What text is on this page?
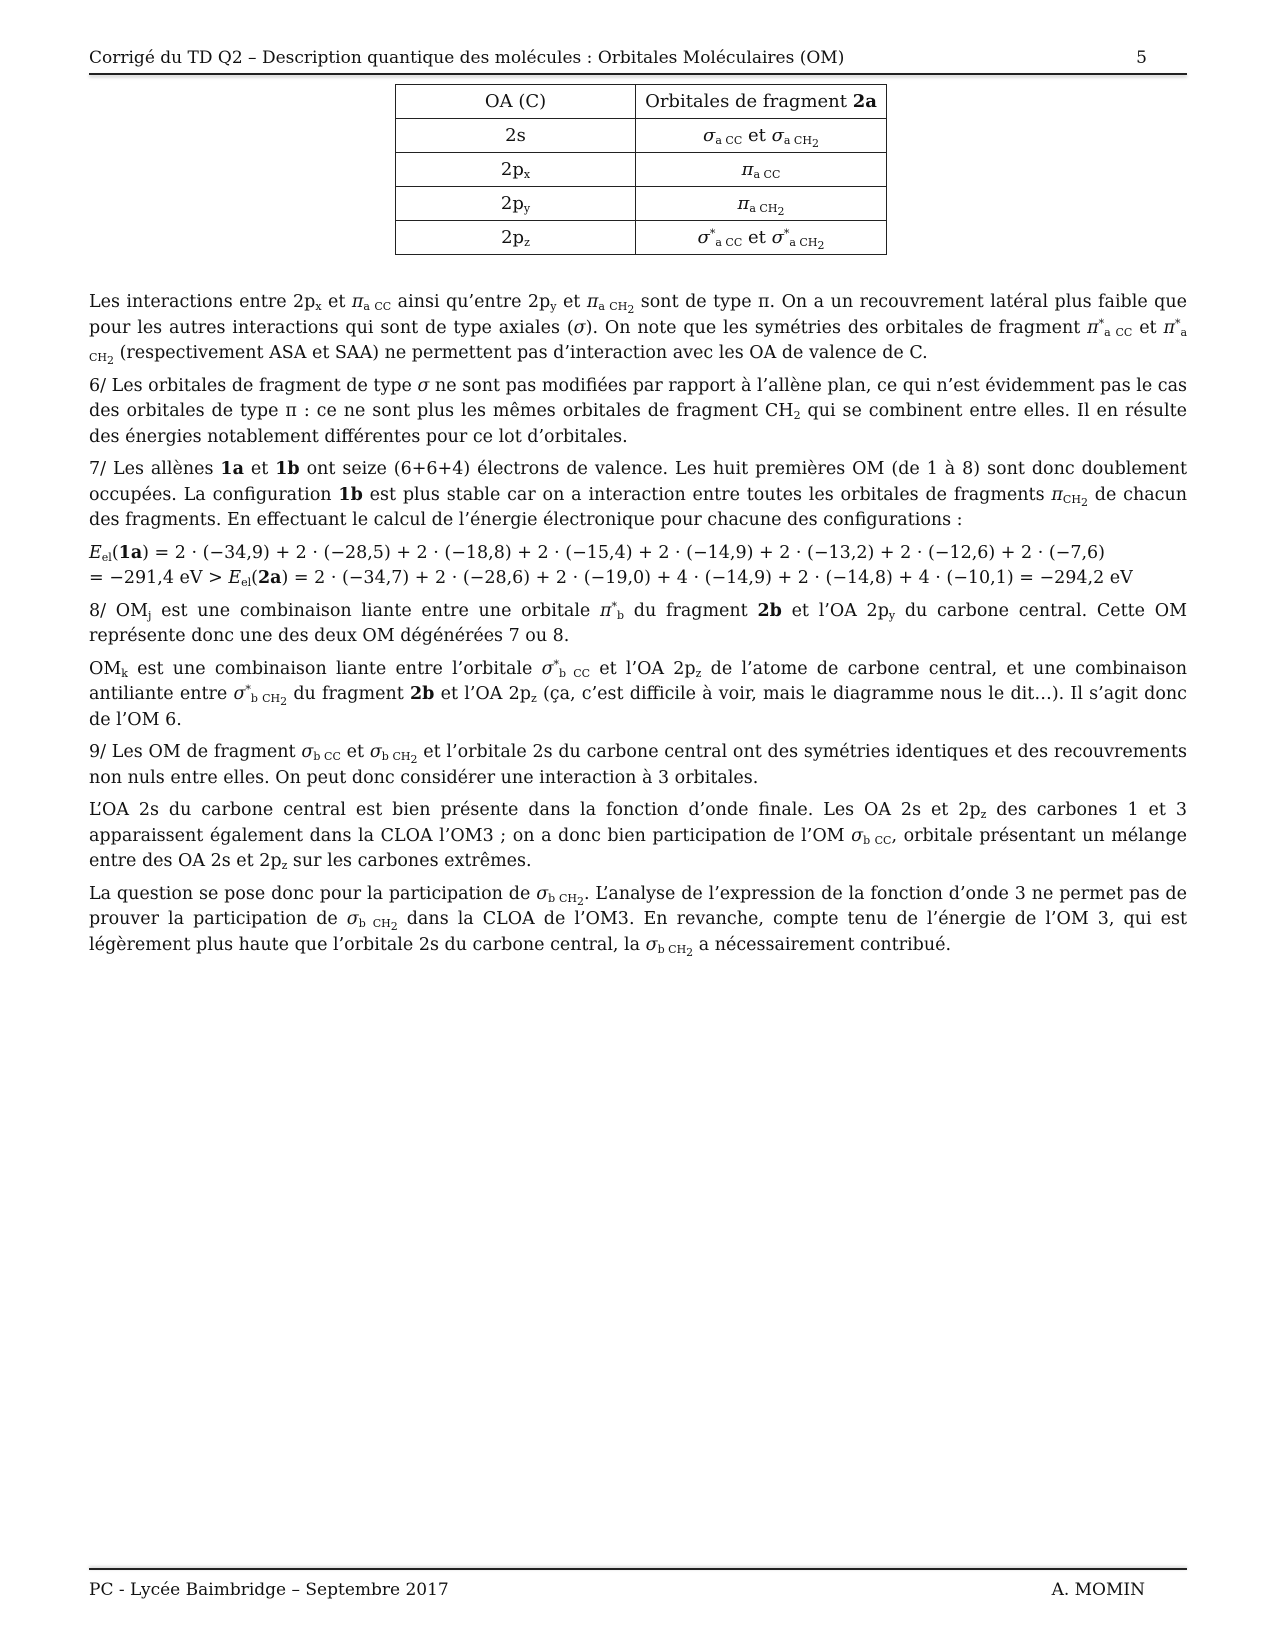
Corrigé du TD Q2 – Description quantique des molécules : Orbitales Moléculaires (OM)	5
OA (C)	Orbitales de fragment 2a
2s	$\sigma_{a CC}$ et $\sigma_{a CH_2}$
$2p_x$	$\pi_{a CC}$
$2p_y$	$\pi_{a CH_2}$
$2p_z$	$\sigma^*_{a CC}$ et $\sigma^*_{a CH_2}$

Les interactions entre $2p_x$ et $\pi_{a CC}$ ainsi qu’entre $2p_y$ et $\pi_{a CH_2}$ sont de type π. On a un recouvrement latéral plus faible que pour les autres interactions qui sont de type axiales (σ). On note que les symétries des orbitales de fragment $\pi^*_{a CC}$ et $\pi^*_{a CH_2}$ (respectivement ASA et SAA) ne permettent pas d’interaction avec les OA de valence de C.

6/ Les orbitales de fragment de type σ ne sont pas modifiées par rapport à l’allène plan, ce qui n’est évidemment pas le cas des orbitales de type π : ce ne sont plus les mêmes orbitales de fragment $CH_2$ qui se combinent entre elles. Il en résulte des énergies notablement différentes pour ce lot d’orbitales.

7/ Les allènes 1a et 1b ont seize (6+6+4) électrons de valence. Les huit premières OM (de 1 à 8) sont donc doublement occupées. La configuration 1b est plus stable car on a interaction entre toutes les orbitales de fragments $\pi_{CH_2}$ de chacun des fragments. En effectuant le calcul de l’énergie électronique pour chacune des configurations :

$E_{el}(1a) = 2 \cdot (-34,9) + 2 \cdot (-28,5) + 2 \cdot (-18,8) + 2 \cdot (-15,4) + 2 \cdot (-14,9) + 2 \cdot (-13,2) + 2 \cdot (-12,6) + 2 \cdot (-7,6)$
= −291,4 eV > $E_{el}(2a) = 2 \cdot (-34,7) + 2 \cdot (-28,6) + 2 \cdot (-19,0) + 4 \cdot (-14,9) + 2 \cdot (-14,8) + 4 \cdot (-10,1) = -294,2$ eV

8/ $OM_j$ est une combinaison liante entre une orbitale $\pi^*_b$ du fragment 2b et l’OA $2p_y$ du carbone central. Cette OM représente donc une des deux OM dégénérées 7 ou 8.

$OM_k$ est une combinaison liante entre l’orbitale $\sigma^*_{b CC}$ et l’OA $2p_z$ de l’atome de carbone central, et une combinaison antiliante entre $\sigma^*_{b CH_2}$ du fragment 2b et l’OA $2p_z$ (ça, c’est difficile à voir, mais le diagramme nous le dit…). Il s’agit donc de l’OM 6.

9/ Les OM de fragment $\sigma_{b CC}$ et $\sigma_{b CH_2}$ et l’orbitale 2s du carbone central ont des symétries identiques et des recouvrements non nuls entre elles. On peut donc considérer une interaction à 3 orbitales.

L’OA 2s du carbone central est bien présente dans la fonction d’onde finale. Les OA 2s et $2p_z$ des carbones 1 et 3 apparaissent également dans la CLOA l’OM3 ; on a donc bien participation de l’OM $\sigma_{b CC}$, orbitale présentant un mélange entre des OA 2s et $2p_z$ sur les carbones extrêmes.

La question se pose donc pour la participation de $\sigma_{b CH_2}$. L’analyse de l’expression de la fonction d’onde 3 ne permet pas de prouver la participation de $\sigma_{b CH_2}$ dans la CLOA de l’OM3. En revanche, compte tenu de l’énergie de l’OM 3, qui est légèrement plus haute que l’orbitale 2s du carbone central, la $\sigma_{b CH_2}$ a nécessairement contribué.

PC - Lycée Baimbridge – Septembre 2017	A. MOMIN
